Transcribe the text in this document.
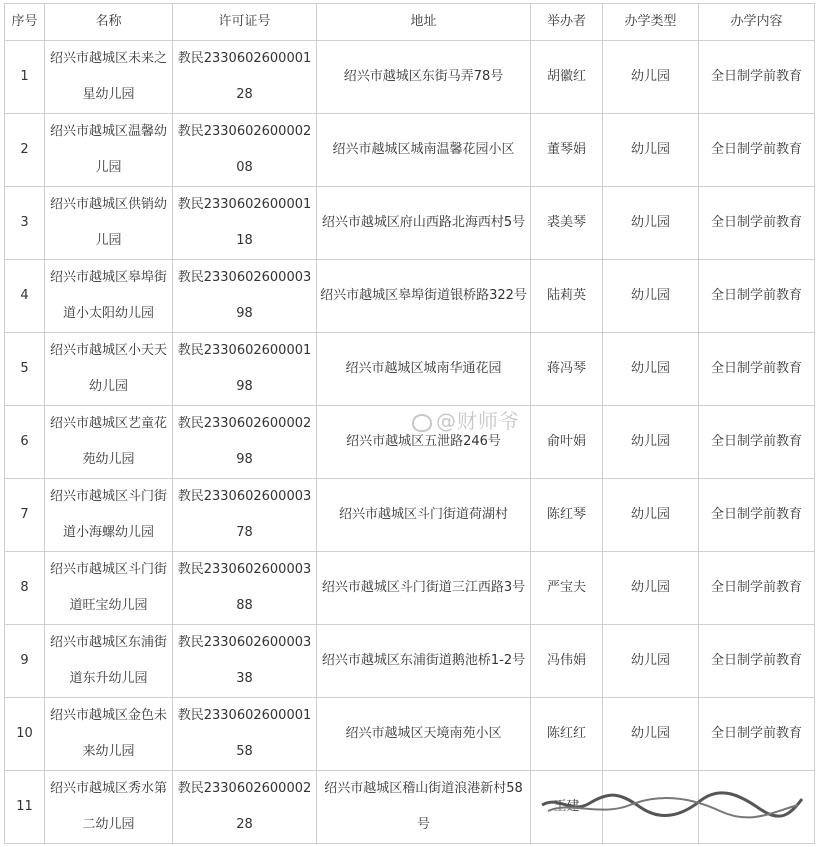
序号	名称	许可证号	地址	举办者	办学类型	办学内容
1	绍兴市越城区未来之星幼儿园	教民233060260000128	绍兴市越城区东街马弄78号	胡徽红	幼儿园	全日制学前教育
2	绍兴市越城区温馨幼儿园	教民233060260000208	绍兴市越城区城南温馨花园小区	董琴娟	幼儿园	全日制学前教育
3	绍兴市越城区供销幼儿园	教民233060260000118	绍兴市越城区府山西路北海西村5号	裘美琴	幼儿园	全日制学前教育
4	绍兴市越城区皋埠街道小太阳幼儿园	教民233060260000398	绍兴市越城区皋埠街道银桥路322号	陆莉英	幼儿园	全日制学前教育
5	绍兴市越城区小天天幼儿园	教民233060260000198	绍兴市越城区城南华通花园	蒋冯琴	幼儿园	全日制学前教育
6	绍兴市越城区艺童花苑幼儿园	教民233060260000298	绍兴市越城区五泄路246号	俞叶娟	幼儿园	全日制学前教育
7	绍兴市越城区斗门街道小海螺幼儿园	教民233060260000378	绍兴市越城区斗门街道荷湖村	陈红琴	幼儿园	全日制学前教育
8	绍兴市越城区斗门街道旺宝幼儿园	教民233060260000388	绍兴市越城区斗门街道三江西路3号	严宝夫	幼儿园	全日制学前教育
9	绍兴市越城区东浦街道东升幼儿园	教民233060260000338	绍兴市越城区东浦街道鹅池桥1-2号	冯伟娟	幼儿园	全日制学前教育
10	绍兴市越城区金色未来幼儿园	教民233060260000158	绍兴市越城区天境南苑小区	陈红红	幼儿园	全日制学前教育
11	绍兴市越城区秀水第二幼儿园	教民233060260000228	绍兴市越城区稽山街道浪港新村58号	王建		
@财师爷
